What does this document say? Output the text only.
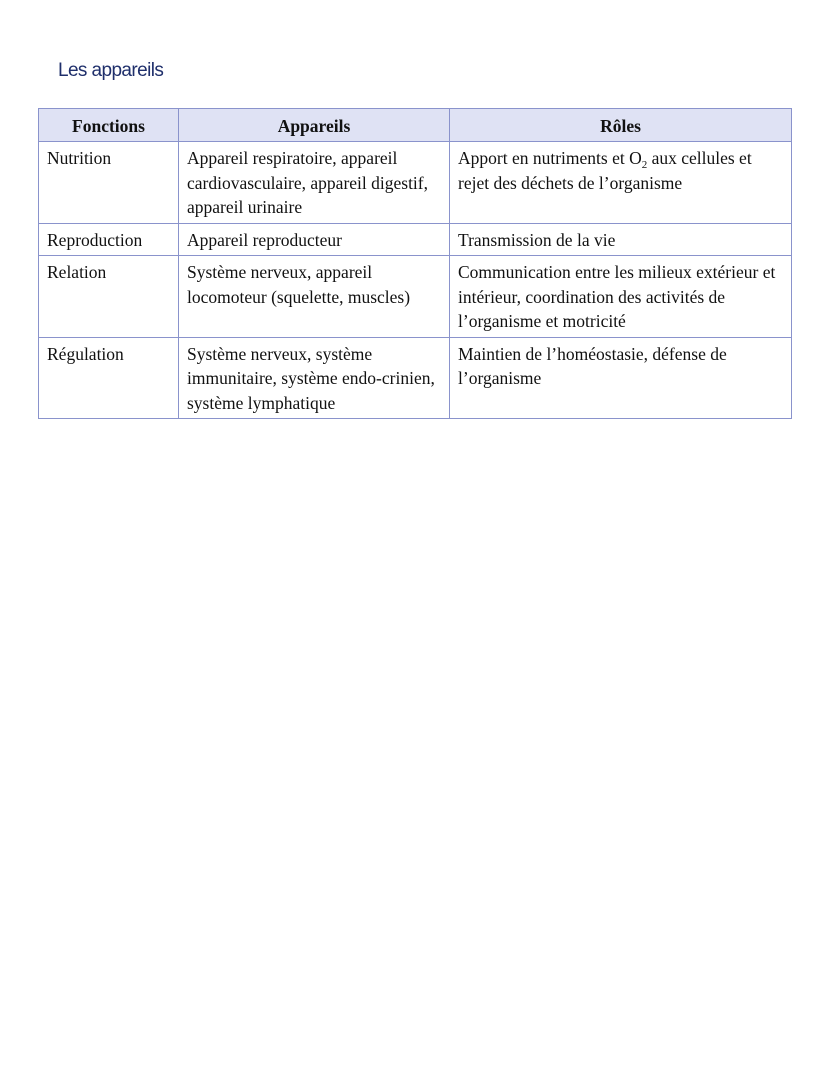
Les appareils
Fonctions	Appareils	Rôles
Nutrition	Appareil respiratoire, appareil cardiovasculaire, appareil digestif, appareil urinaire	Apport en nutriments et $O_2$ aux cellules et rejet des déchets de l’organisme
Reproduction	Appareil reproducteur	Transmission de la vie
Relation	Système nerveux, appareil locomoteur (squelette, muscles)	Communication entre les milieux extérieur et intérieur, coordination des activités de l’organisme et motricité
Régulation	Système nerveux, système immunitaire, système endo-crinien, système lymphatique	Maintien de l’homéostasie, défense de l’organisme
